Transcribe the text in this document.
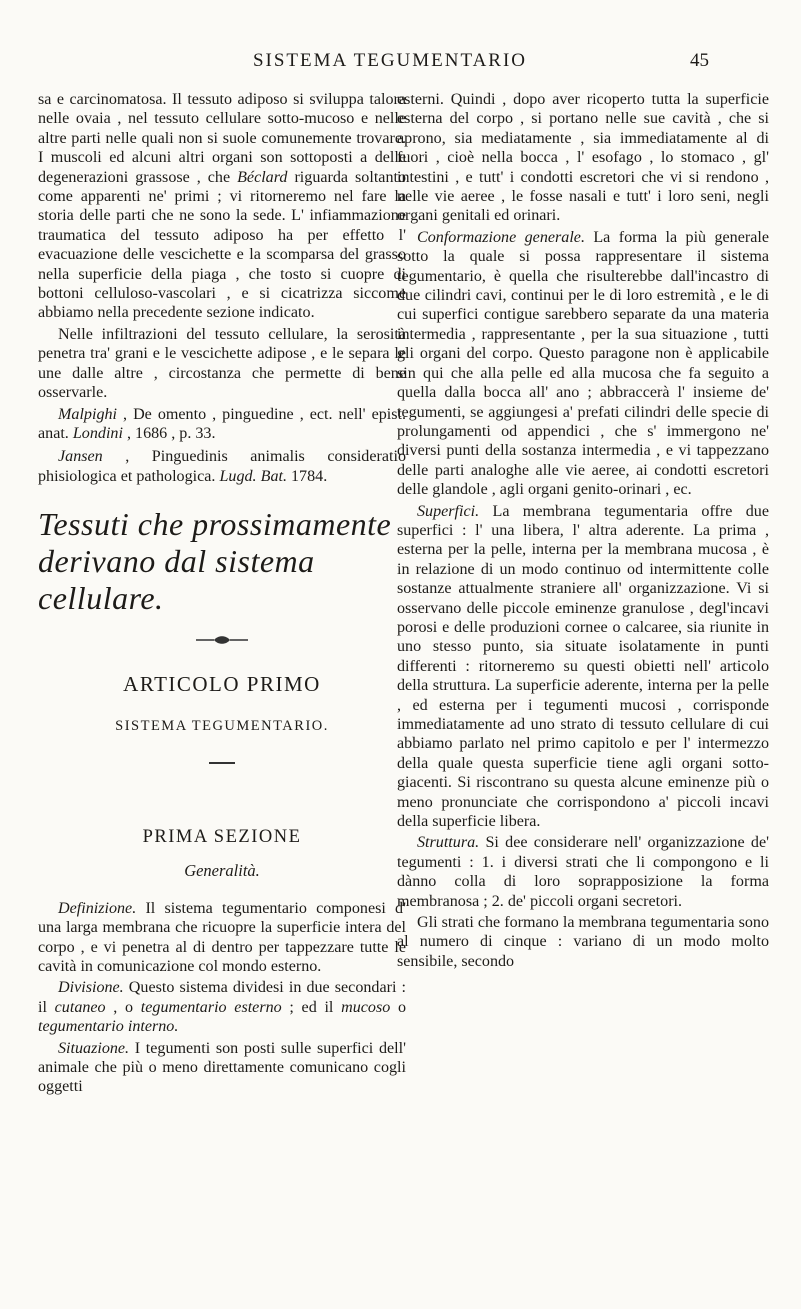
SISTEMA TEGUMENTARIO	45

sa e carcinomatosa. Il tessuto adiposo si sviluppa talora nelle ovaia , nel tessuto cellulare sotto-mucoso e nelle altre parti nelle quali non si suole comunemente trovare. I muscoli ed alcuni altri organi son sottoposti a delle degenerazioni grassose , che Béclard riguarda soltanto come apparenti ne' primi ; vi ritorneremo nel fare la storia delle parti che ne sono la sede. L' infiammazione traumatica del tessuto adiposo ha per effetto l' evacuazione delle vescichette e la scomparsa del grasso nella superficie della piaga , che tosto si cuopre di bottoni celluloso-vascolari , e si cicatrizza siccome abbiamo nella precedente sezione indicato.

Nelle infiltrazioni del tessuto cellulare, la serosità penetra tra' grani e le vescichette adipose , e le separa le une dalle altre , circostanza che permette di bene osservarle.

Malpighi , De omento , pinguedine , ect. nell' epist. anat. Londini , 1686 , p. 33.

Jansen , Pinguedinis animalis consideratio phisiologica et pathologica. Lugd. Bat. 1784.

Tessuti che prossimamente derivano dal sistema cellulare.
ARTICOLO PRIMO
SISTEMA TEGUMENTARIO.
PRIMA SEZIONE
Generalità.

Definizione. Il sistema tegumentario componesi d' una larga membrana che ricuopre la superficie intera del corpo , e vi penetra al di dentro per tappezzare tutte le cavità in comunicazione col mondo esterno.

Divisione. Questo sistema dividesi in due secondari : il cutaneo , o tegumentario esterno ; ed il mucoso o tegumentario interno.

Situazione. I tegumenti son posti sulle superfici dell' animale che più o meno direttamente comunicano cogli oggetti

esterni. Quindi , dopo aver ricoperto tutta la superficie esterna del corpo , si portano nelle sue cavità , che si aprono, sia mediatamente , sia immediatamente al di fuori , cioè nella bocca , l' esofago , lo stomaco , gl' intestini , e tutt' i condotti escretori che vi si rendono , nelle vie aeree , le fosse nasali e tutt' i loro seni, negli organi genitali ed orinari.

Conformazione generale. La forma la più generale sotto la quale si possa rappresentare il sistema tegumentario, è quella che risulterebbe dall'incastro di due cilindri cavi, continui per le di loro estremità , e le di cui superfici contigue sarebbero separate da una materia intermedia , rappresentante , per la sua situazione , tutti gli organi del corpo. Questo paragone non è applicabile sin qui che alla pelle ed alla mucosa che fa seguito a quella dalla bocca all' ano ; abbraccerà l' insieme de' tegumenti, se aggiungesi a' prefati cilindri delle specie di prolungamenti od appendici , che s' immergono ne' diversi punti della sostanza intermedia , e vi tappezzano delle parti analoghe alle vie aeree, ai condotti escretori delle glandole , agli organi genito-orinari , ec.

Superfici. La membrana tegumentaria offre due superfici : l' una libera, l' altra aderente. La prima , esterna per la pelle, interna per la membrana mucosa , è in relazione di un modo continuo od intermittente colle sostanze attualmente straniere all' organizzazione. Vi si osservano delle piccole eminenze granulose , degl'incavi porosi e delle produzioni cornee o calcaree, sia riunite in uno stesso punto, sia situate isolatamente in punti differenti : ritorneremo su questi obietti nell' articolo della struttura. La superficie aderente, interna per la pelle , ed esterna per i tegumenti mucosi , corrisponde immediatamente ad uno strato di tessuto cellulare di cui abbiamo parlato nel primo capitolo e per l' intermezzo della quale questa superficie tiene agli organi sotto-giacenti. Si riscontrano su questa alcune eminenze più o meno pronunciate che corrispondono a' piccoli incavi della superficie libera.

Struttura. Si dee considerare nell' organizzazione de' tegumenti : 1. i diversi strati che li compongono e li dànno colla di loro soprapposizione la forma membranosa ; 2. de' piccoli organi secretori.

Gli strati che formano la membrana tegumentaria sono al numero di cinque : variano di un modo molto sensibile, secondo
